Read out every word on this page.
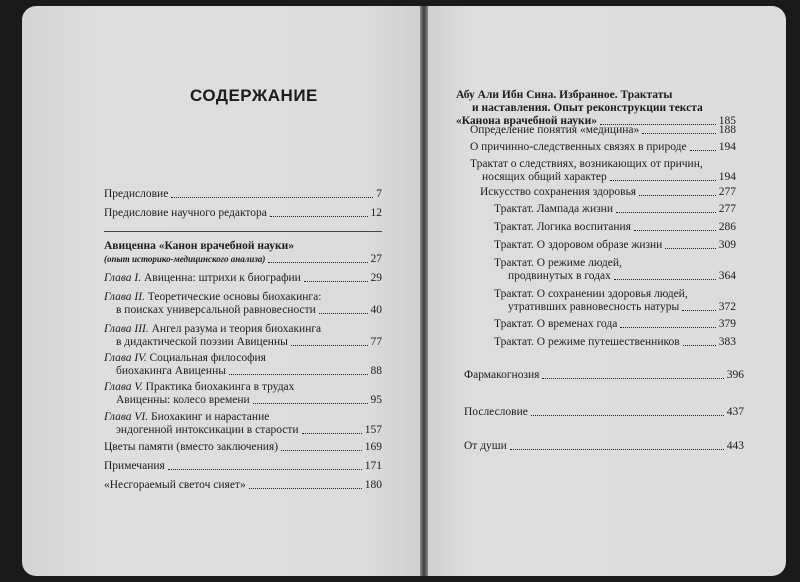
СОДЕРЖАНИЕ
Предисловие	7
Предисловие научного редактора	12
Авиценна «Канон врачебной науки»
(опыт историко-медицинского анализа)	27
Глава I. Авиценна: штрихи к биографии	29
Глава II. Теоретические основы биохакинга:
в поисках универсальной равновесности	40
Глава III. Ангел разума и теория биохакинга
в дидактической поэзии Авиценны	77
Глава IV. Социальная философия
биохакинга Авиценны	88
Глава V. Практика биохакинга в трудах
Авиценны: колесо времени	95
Глава VI. Биохакинг и нарастание
эндогенной интоксикации в старости	157
Цветы памяти (вместо заключения)	169
Примечания	171
«Несгораемый светоч сияет»	180
Абу Али Ибн Сина. Избранное. Трактаты
и наставления. Опыт реконструкции текста
«Канона врачебной науки»	185
Определение понятия «медицина»	188
О причинно-следственных связях в природе	194
Трактат о следствиях, возникающих от причин,
носящих общий характер	194
Искусство сохранения здоровья	277
Трактат. Лампада жизни	277
Трактат. Логика воспитания	286
Трактат. О здоровом образе жизни	309
Трактат. О режиме людей,
продвинутых в годах	364
Трактат. О сохранении здоровья людей,
утративших равновесность натуры	372
Трактат. О временах года	379
Трактат. О режиме путешественников	383
Фармакогнозия	396
Послесловие	437
От души	443
